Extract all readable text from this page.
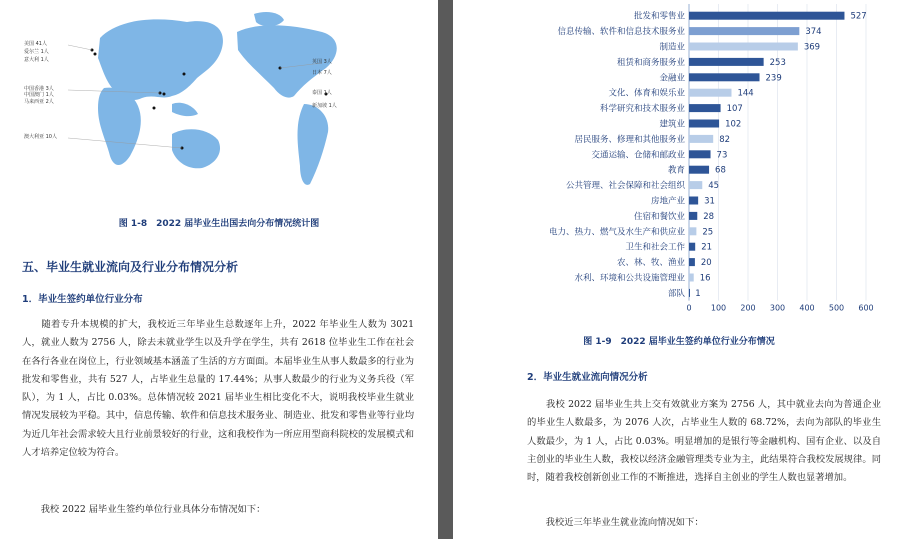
美国 41人
爱尔兰 1人
意大利 1人
中国香港 3人
中国澳门 1人
马来西亚 2人
澳大利亚 10人
英国 3人
日本 7人
泰国 1人
新加坡 1人
图 1-8　2022 届毕业生出国去向分布情况统计图
五、毕业生就业流向及行业分布情况分析
1．毕业生签约单位行业分布
　　随着专升本规模的扩大，我校近三年毕业生总数逐年上升，2022 年毕业生人数为 3021 人，就业人数为 2756 人，除去未就业学生以及升学在学生，共有 2618 位毕业生工作在社会在各行各业在岗位上，行业领域基本涵盖了生活的方方面面。本届毕业生从事人数最多的行业为批发和零售业，共有 527 人，占毕业生总量的 17.44%；从事人数最少的行业为义务兵役（军队），为 1 人，占比 0.03%。总体情况较 2021 届毕业生相比变化不大，说明我校毕业生就业情况发展较为平稳。其中，信息传输、软件和信息技术服务业、制造业、批发和零售业等行业均为近几年社会需求较大且行业前景较好的行业，这和我校作为一所应用型商科院校的发展模式和人才培养定位较为符合。
　　我校 2022 届毕业生签约单位行业具体分布情况如下：
图 1-9　2022 届毕业生签约单位行业分布情况
2．毕业生就业流向情况分析
　　我校 2022 届毕业生共上交有效就业方案为 2756 人，其中就业去向为普通企业的毕业生人数最多，为 2076 人次，占毕业生人数的 68.72%，去向为部队的毕业生人数最少，为 1 人，占比 0.03%。明显增加的是银行等金融机构、国有企业、以及自主创业的毕业生人数，我校以经济金融管理类专业为主，此结果符合我校发展规律。同时，随着我校创新创业工作的不断推进，选择自主创业的学生人数也显著增加。
　　我校近三年毕业生就业流向情况如下：
批发和零售业
信息传输、软件和信息技术服务业
制造业
租赁和商务服务业
金融业
文化、体育和娱乐业
科学研究和技术服务业
建筑业
居民服务、修理和其他服务业
交通运输、仓储和邮政业
教育
公共管理、社会保障和社会组织
房地产业
住宿和餐饮业
电力、热力、燃气及水生产和供应业
卫生和社会工作
农、林、牧、渔业
水利、环境和公共设施管理业
部队
527
374
369
253
239
144
107
102
82
73
68
45
31
28
25
21
20
16
1
0 100 200 300 400 500 600
